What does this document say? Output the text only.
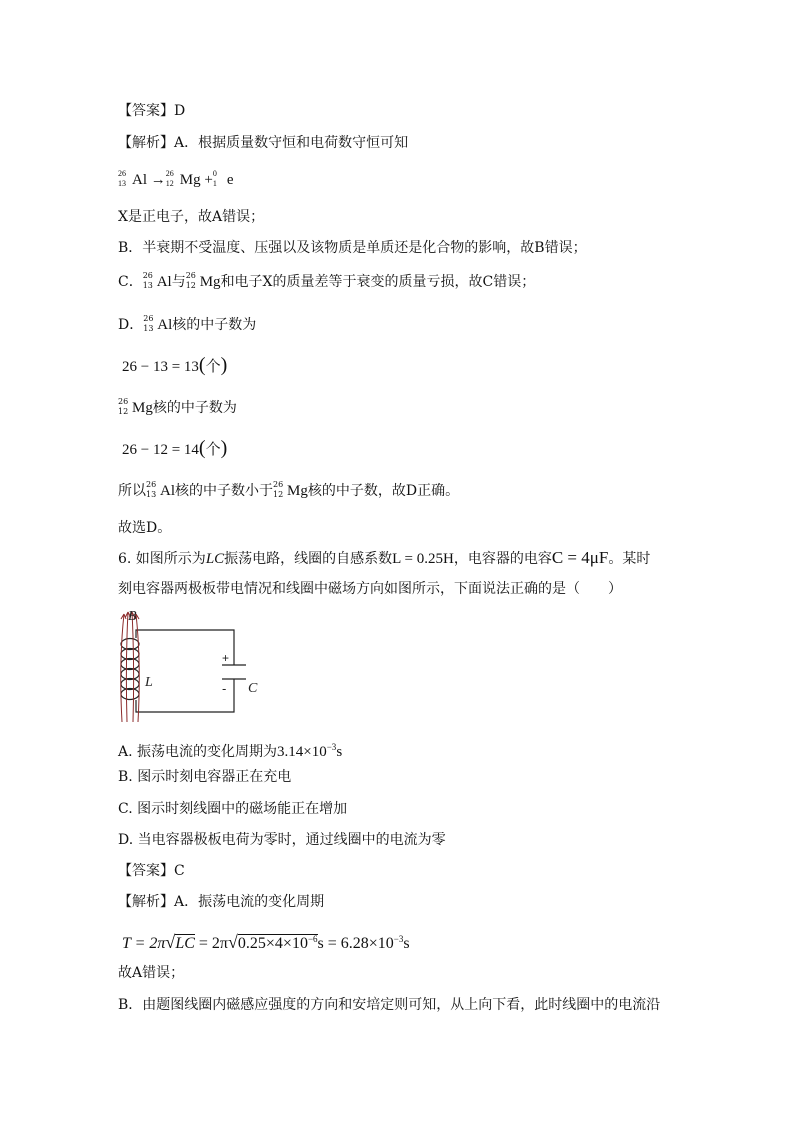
【答案】D
【解析】A．根据质量数守恒和电荷数守恒可知
26
13 Al → 26
12 Mg + 0
1 e
X是正电子，故A错误；
B．半衰期不受温度、压强以及该物质是单质还是化合物的影响，故B错误；
C． 26
13 Al与 26
12 Mg和电子X的质量差等于衰变的质量亏损，故C错误；
D． 26
13 Al核的中子数为
26 − 13 = 13(个)
26
12 Mg核的中子数为
26 − 12 = 14(个)
所以 26
13 Al核的中子数小于 26
12 Mg核的中子数，故D正确。
故选D。
6. 如图所示为LC振荡电路，线圈的自感系数L = 0.25H，电容器的电容C = 4μF。某时
刻电容器两极板带电情况和线圈中磁场方向如图所示，下面说法正确的是（　　）
B
L	C
+
-
A. 振荡电流的变化周期为$3.14\times 10^{-3}s$
B. 图示时刻电容器正在充电
C. 图示时刻线圈中的磁场能正在增加
D. 当电容器极板电荷为零时，通过线圈中的电流为零
【答案】C
【解析】A．振荡电流的变化周期
$T = 2\pi√LC = 2\pi√0.25\times 4\times 10^{-6}s = 6.28\times 10^{-3}s$
故A错误；
B．由题图线圈内磁感应强度的方向和安培定则可知，从上向下看，此时线圈中的电流沿
